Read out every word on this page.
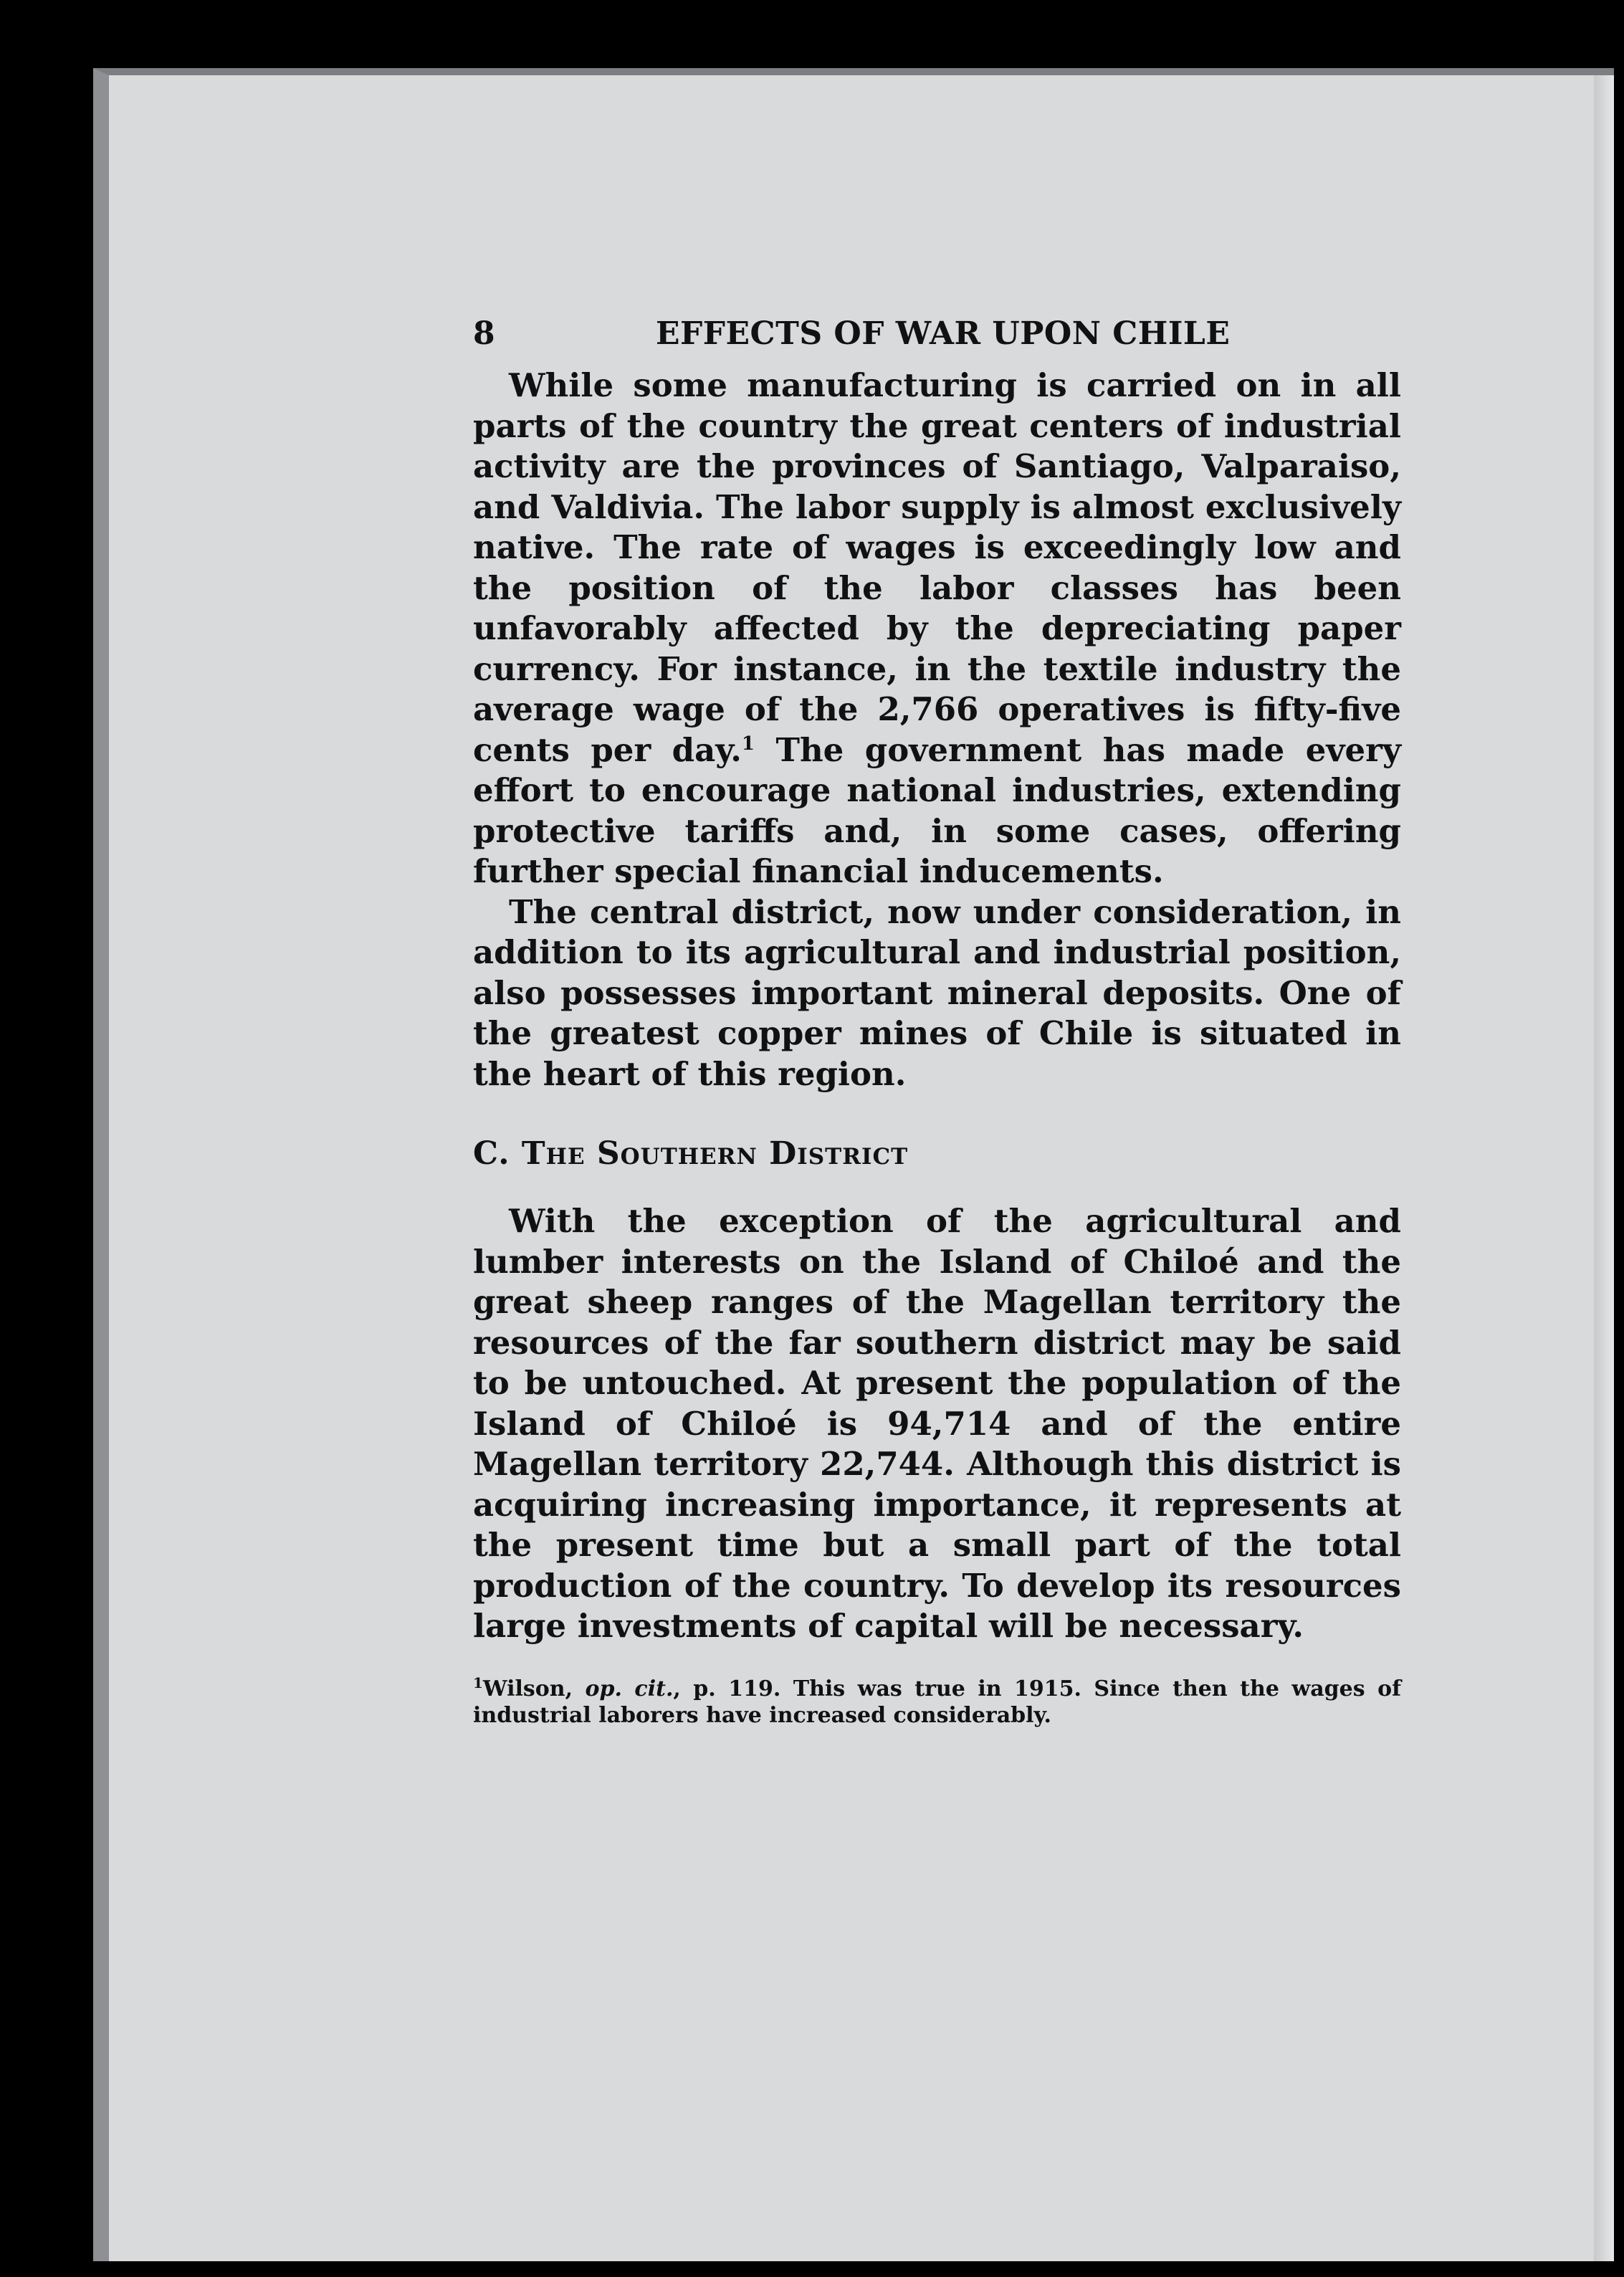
8	EFFECTS OF WAR UPON CHILE

While some manufacturing is carried on in all parts of the country the great centers of industrial activity are the provinces of Santiago, Valparaiso, and Valdivia. The labor supply is almost exclusively native. The rate of wages is exceedingly low and the position of the labor classes has been unfavorably affected by the depreciating paper currency. For instance, in the textile industry the average wage of the 2,766 operatives is fifty-five cents per day.$^1$ The government has made every effort to encourage national industries, extending protective tariffs and, in some cases, offering further special financial inducements.

The central district, now under consideration, in addition to its agricultural and industrial position, also possesses important mineral deposits. One of the greatest copper mines of Chile is situated in the heart of this region.

C. The Southern District

With the exception of the agricultural and lumber interests on the Island of Chiloé and the great sheep ranges of the Magellan territory the resources of the far southern district may be said to be untouched. At present the population of the Island of Chiloé is 94,714 and of the entire Magellan territory 22,744. Although this district is acquiring increasing importance, it represents at the present time but a small part of the total production of the country. To develop its resources large investments of capital will be necessary.

$^1$Wilson, op. cit., p. 119. This was true in 1915. Since then the wages of industrial laborers have increased considerably.
